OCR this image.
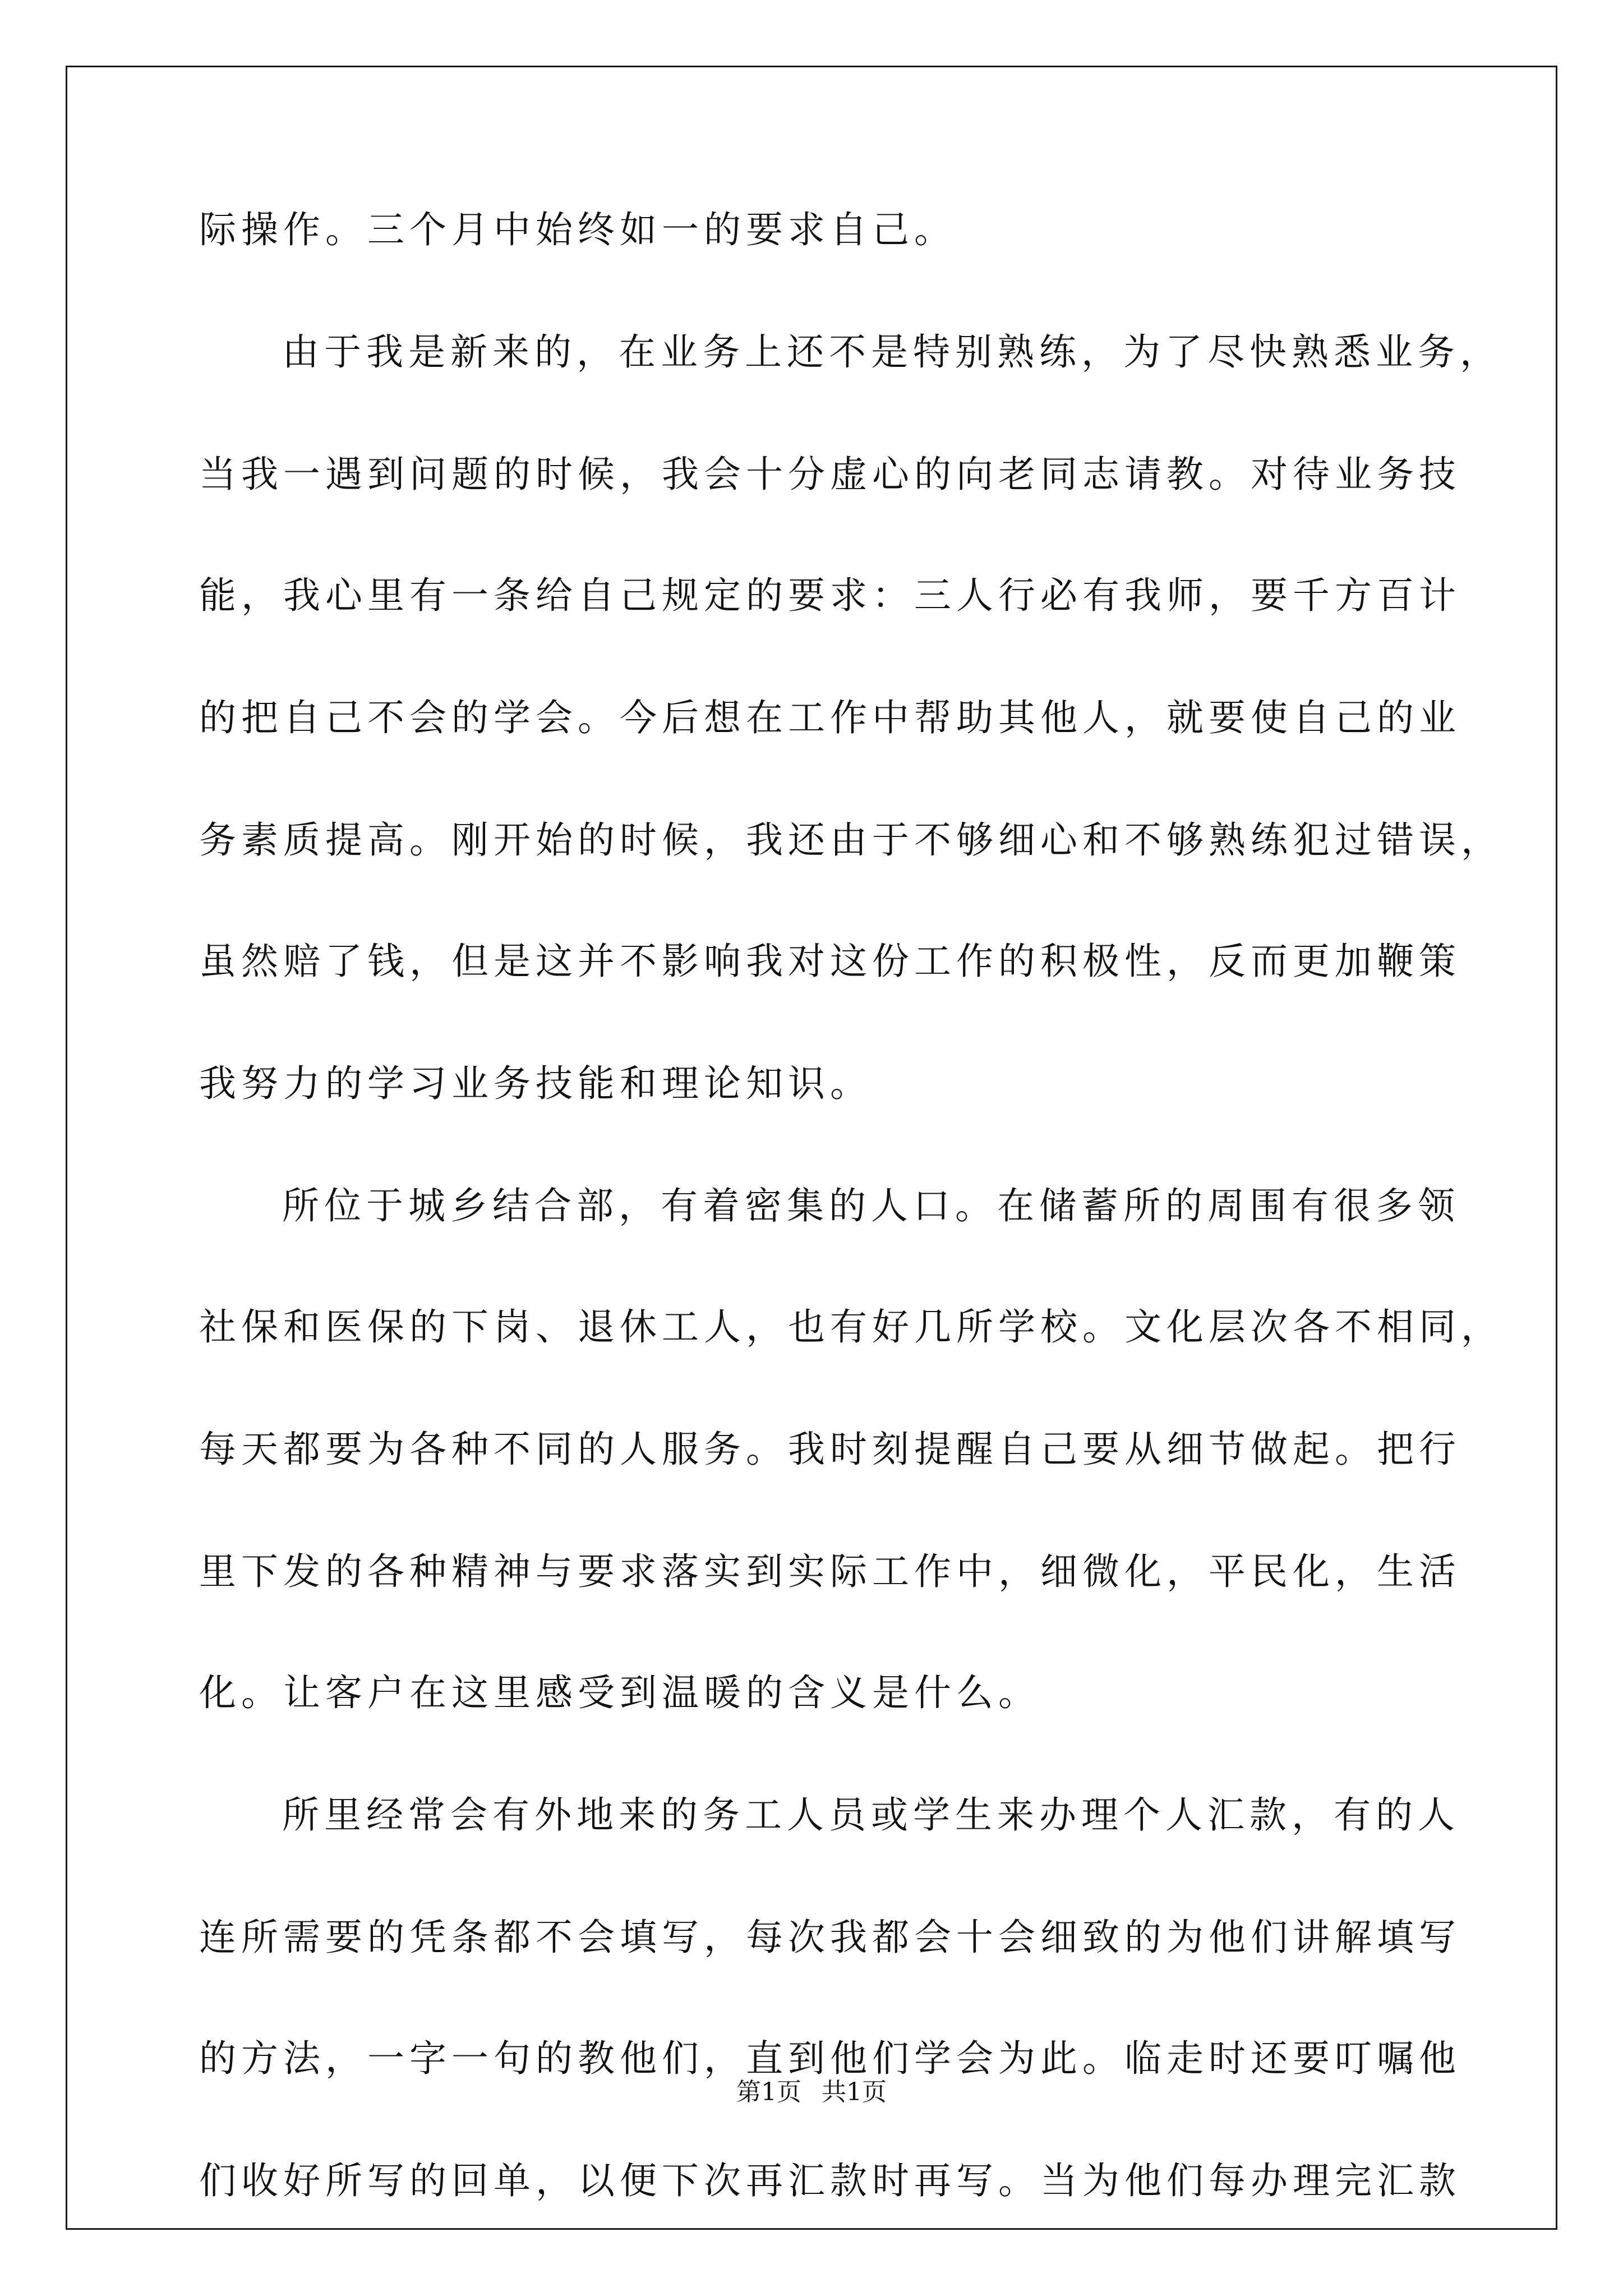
际操作。三个月中始终如一的要求自己。
由于我是新来的，在业务上还不是特别熟练，为了尽快熟悉业务，
当我一遇到问题的时候，我会十分虚心的向老同志请教。对待业务技
能，我心里有一条给自己规定的要求：三人行必有我师，要千方百计
的把自己不会的学会。今后想在工作中帮助其他人，就要使自己的业
务素质提高。刚开始的时候，我还由于不够细心和不够熟练犯过错误，
虽然赔了钱，但是这并不影响我对这份工作的积极性，反而更加鞭策
我努力的学习业务技能和理论知识。
所位于城乡结合部，有着密集的人口。在储蓄所的周围有很多领
社保和医保的下岗、退休工人，也有好几所学校。文化层次各不相同，
每天都要为各种不同的人服务。我时刻提醒自己要从细节做起。把行
里下发的各种精神与要求落实到实际工作中，细微化，平民化，生活
化。让客户在这里感受到温暖的含义是什么。
所里经常会有外地来的务工人员或学生来办理个人汇款，有的人
连所需要的凭条都不会填写，每次我都会十会细致的为他们讲解填写
的方法，一字一句的教他们，直到他们学会为此。临走时还要叮嘱他
们收好所写的回单，以便下次再汇款时再写。当为他们每办理完汇款
第1页 共1页
